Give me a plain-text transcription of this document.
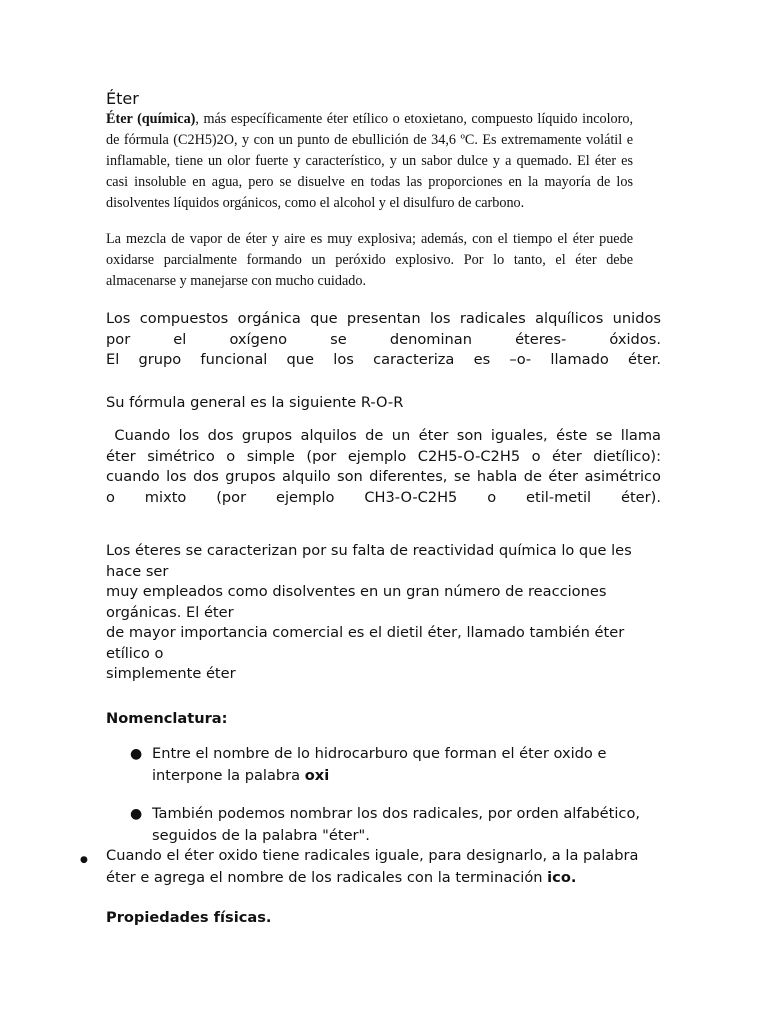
Éter

Éter (química), más específicamente éter etílico o etoxietano, compuesto líquido incoloro, de fórmula (C2H5)2O, y con un punto de ebullición de 34,6 ºC. Es extremamente volátil e inflamable, tiene un olor fuerte y característico, y un sabor dulce y a quemado. El éter es casi insoluble en agua, pero se disuelve en todas las proporciones en la mayoría de los disolventes líquidos orgánicos, como el alcohol y el disulfuro de carbono.

La mezcla de vapor de éter y aire es muy explosiva; además, con el tiempo el éter puede oxidarse parcialmente formando un peróxido explosivo. Por lo tanto, el éter debe almacenarse y manejarse con mucho cuidado.

Los compuestos orgánica que presentan los radicales alquílicos unidos
por el oxígeno se denominan éteres- óxidos.
El grupo funcional que los caracteriza es –o- llamado éter.

Su fórmula general es la siguiente R-O-R

Cuando los dos grupos alquilos de un éter son iguales, éste se llama
éter simétrico o simple (por ejemplo C2H5-O-C2H5 o éter dietílico):
cuando los dos grupos alquilo son diferentes, se habla de éter asimétrico
o mixto (por ejemplo CH3-O-C2H5 o etil-metil éter).

Los éteres se caracterizan por su falta de reactividad química lo que les hace ser
muy empleados como disolventes en un gran número de reacciones orgánicas. El éter
de mayor importancia comercial es el dietil éter, llamado también éter etílico o
simplemente éter
Nomenclatura:
● Entre el nombre de lo hidrocarburo que forman el éter oxido e interpone la palabra oxi
● También podemos nombrar los dos radicales, por orden alfabético, seguidos de la palabra "éter".
● Cuando el éter oxido tiene radicales iguale, para designarlo, a la palabra éter e agrega el nombre de los radicales con la terminación ico.
Propiedades físicas.
